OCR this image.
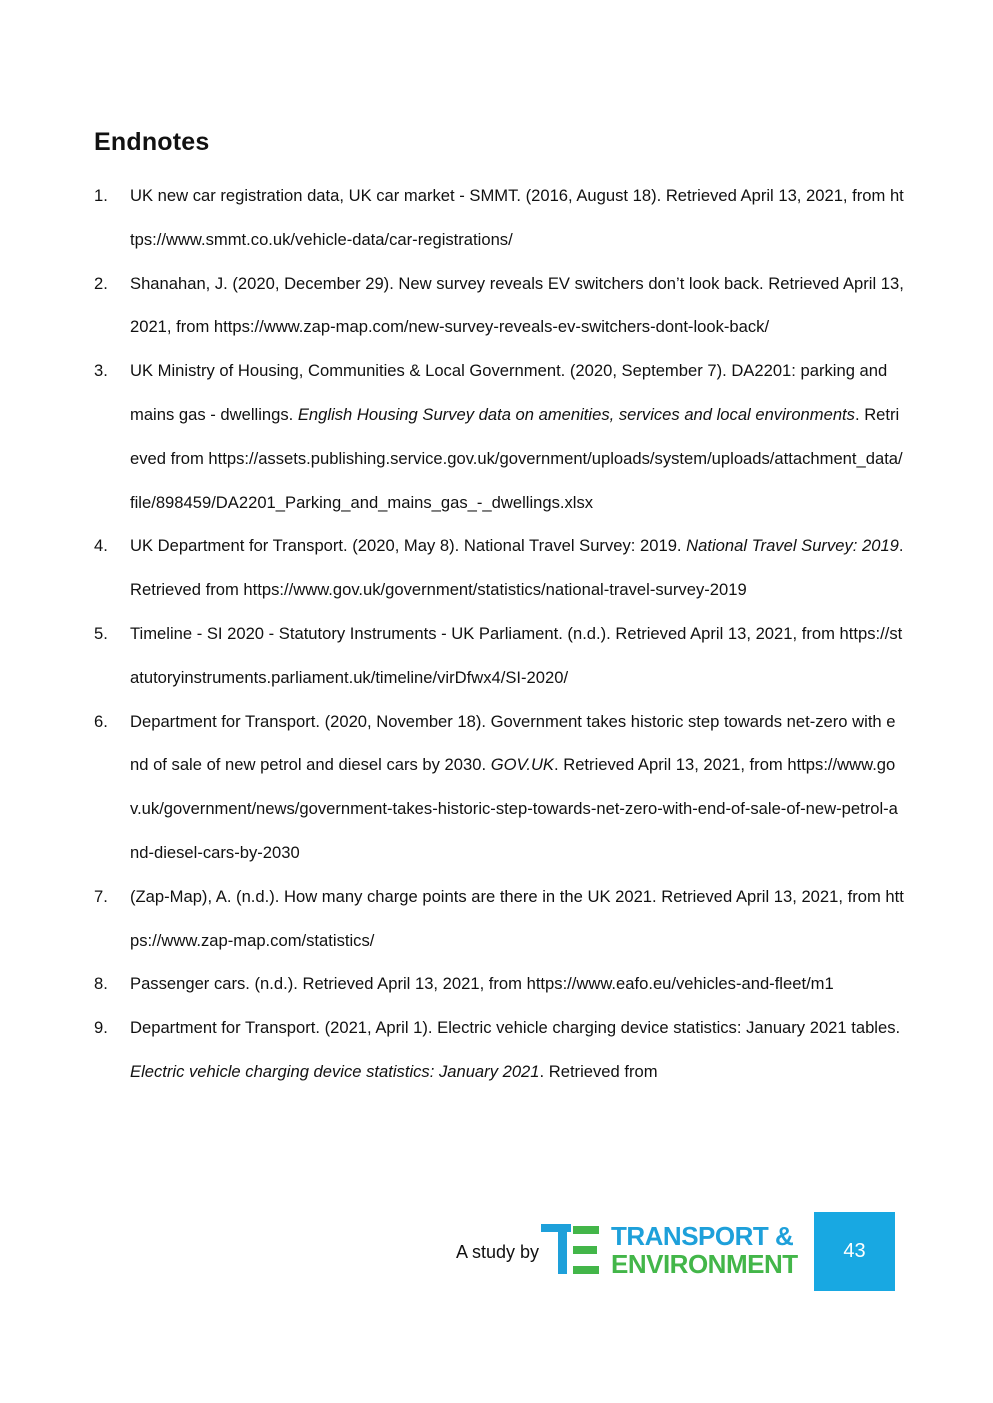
Endnotes
1.	UK new car registration data, UK car market - SMMT. (2016, August 18). Retrieved April 13, 2021, from https://www.smmt.co.uk/vehicle-data/car-registrations/
2.	Shanahan, J. (2020, December 29). New survey reveals EV switchers don’t look back. Retrieved April 13, 2021, from https://www.zap-map.com/new-survey-reveals-ev-switchers-dont-look-back/
3.	UK Ministry of Housing, Communities & Local Government. (2020, September 7). DA2201: parking and mains gas - dwellings. English Housing Survey data on amenities, services and local environments. Retrieved from https://assets.publishing.service.gov.uk/government/uploads/system/uploads/attachment_data/file/898459/DA2201_Parking_and_mains_gas_-_dwellings.xlsx
4.	UK Department for Transport. (2020, May 8). National Travel Survey: 2019. National Travel Survey: 2019. Retrieved from https://www.gov.uk/government/statistics/national-travel-survey-2019
5.	Timeline - SI 2020 - Statutory Instruments - UK Parliament. (n.d.). Retrieved April 13, 2021, from https://statutoryinstruments.parliament.uk/timeline/virDfwx4/SI-2020/
6.	Department for Transport. (2020, November 18). Government takes historic step towards net-zero with end of sale of new petrol and diesel cars by 2030. GOV.UK. Retrieved April 13, 2021, from https://www.gov.uk/government/news/government-takes-historic-step-towards-net-zero-with-end-of-sale-of-new-petrol-and-diesel-cars-by-2030
7.	(Zap-Map), A. (n.d.). How many charge points are there in the UK 2021. Retrieved April 13, 2021, from https://www.zap-map.com/statistics/
8.	Passenger cars. (n.d.). Retrieved April 13, 2021, from https://www.eafo.eu/vehicles-and-fleet/m1
9.	Department for Transport. (2021, April 1). Electric vehicle charging device statistics: January 2021 tables. Electric vehicle charging device statistics: January 2021. Retrieved from
A study by
TRANSPORT &
ENVIRONMENT 43
